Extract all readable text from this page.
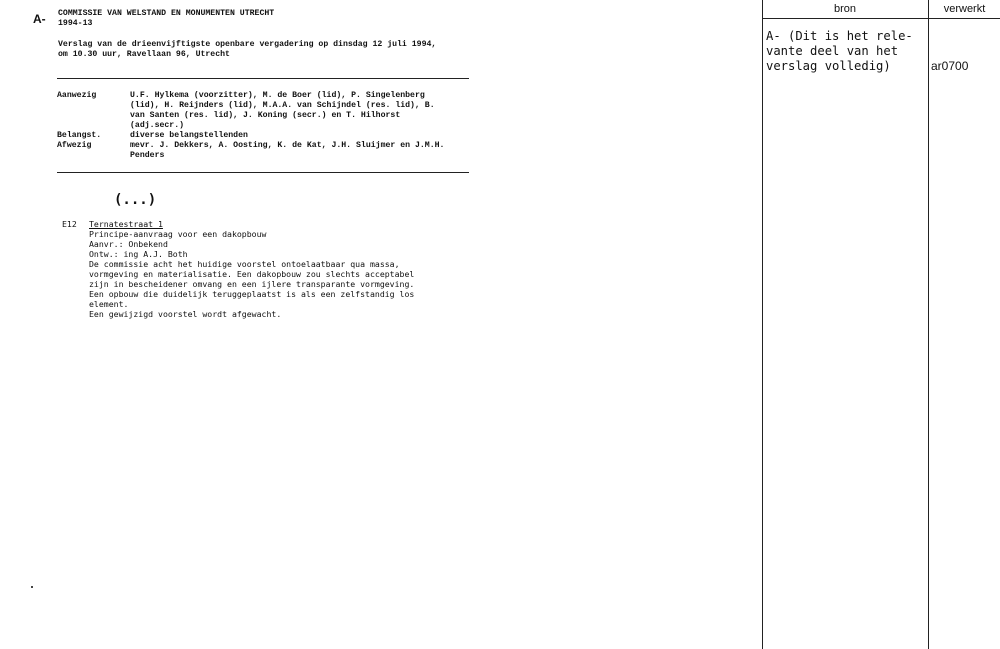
A- COMMISSIE VAN WELSTAND EN MONUMENTEN UTRECHT
1994-13
Verslag van de drieenvijftigste openbare vergadering op dinsdag 12 juli 1994,
om 10.30 uur, Ravellaan 96, Utrecht
Aanwezig	U.F. Hylkema (voorzitter), M. de Boer (lid), P. Singelenberg
(lid), H. Reijnders (lid), M.A.A. van Schijndel (res. lid), B.
van Santen (res. lid), J. Koning (secr.) en T. Hilhorst
(adj.secr.)
Belangst.	diverse belangstellenden
Afwezig	mevr. J. Dekkers, A. Oosting, K. de Kat, J.H. Sluijmer en J.M.H.
Penders
(...)
E12 Ternatestraat 1
Principe-aanvraag voor een dakopbouw
Aanvr.: Onbekend
Ontw.: ing A.J. Both
De commissie acht het huidige voorstel ontoelaatbaar qua massa,
vormgeving en materialisatie. Een dakopbouw zou slechts acceptabel
zijn in bescheidener omvang en een ijlere transparante vormgeving.
Een opbouw die duidelijk teruggeplaatst is als een zelfstandig los
element.
Een gewijzigd voorstel wordt afgewacht.
bron	verwerkt
A- (Dit is het rele-
vante deel van het
verslag volledig)	ar0700
